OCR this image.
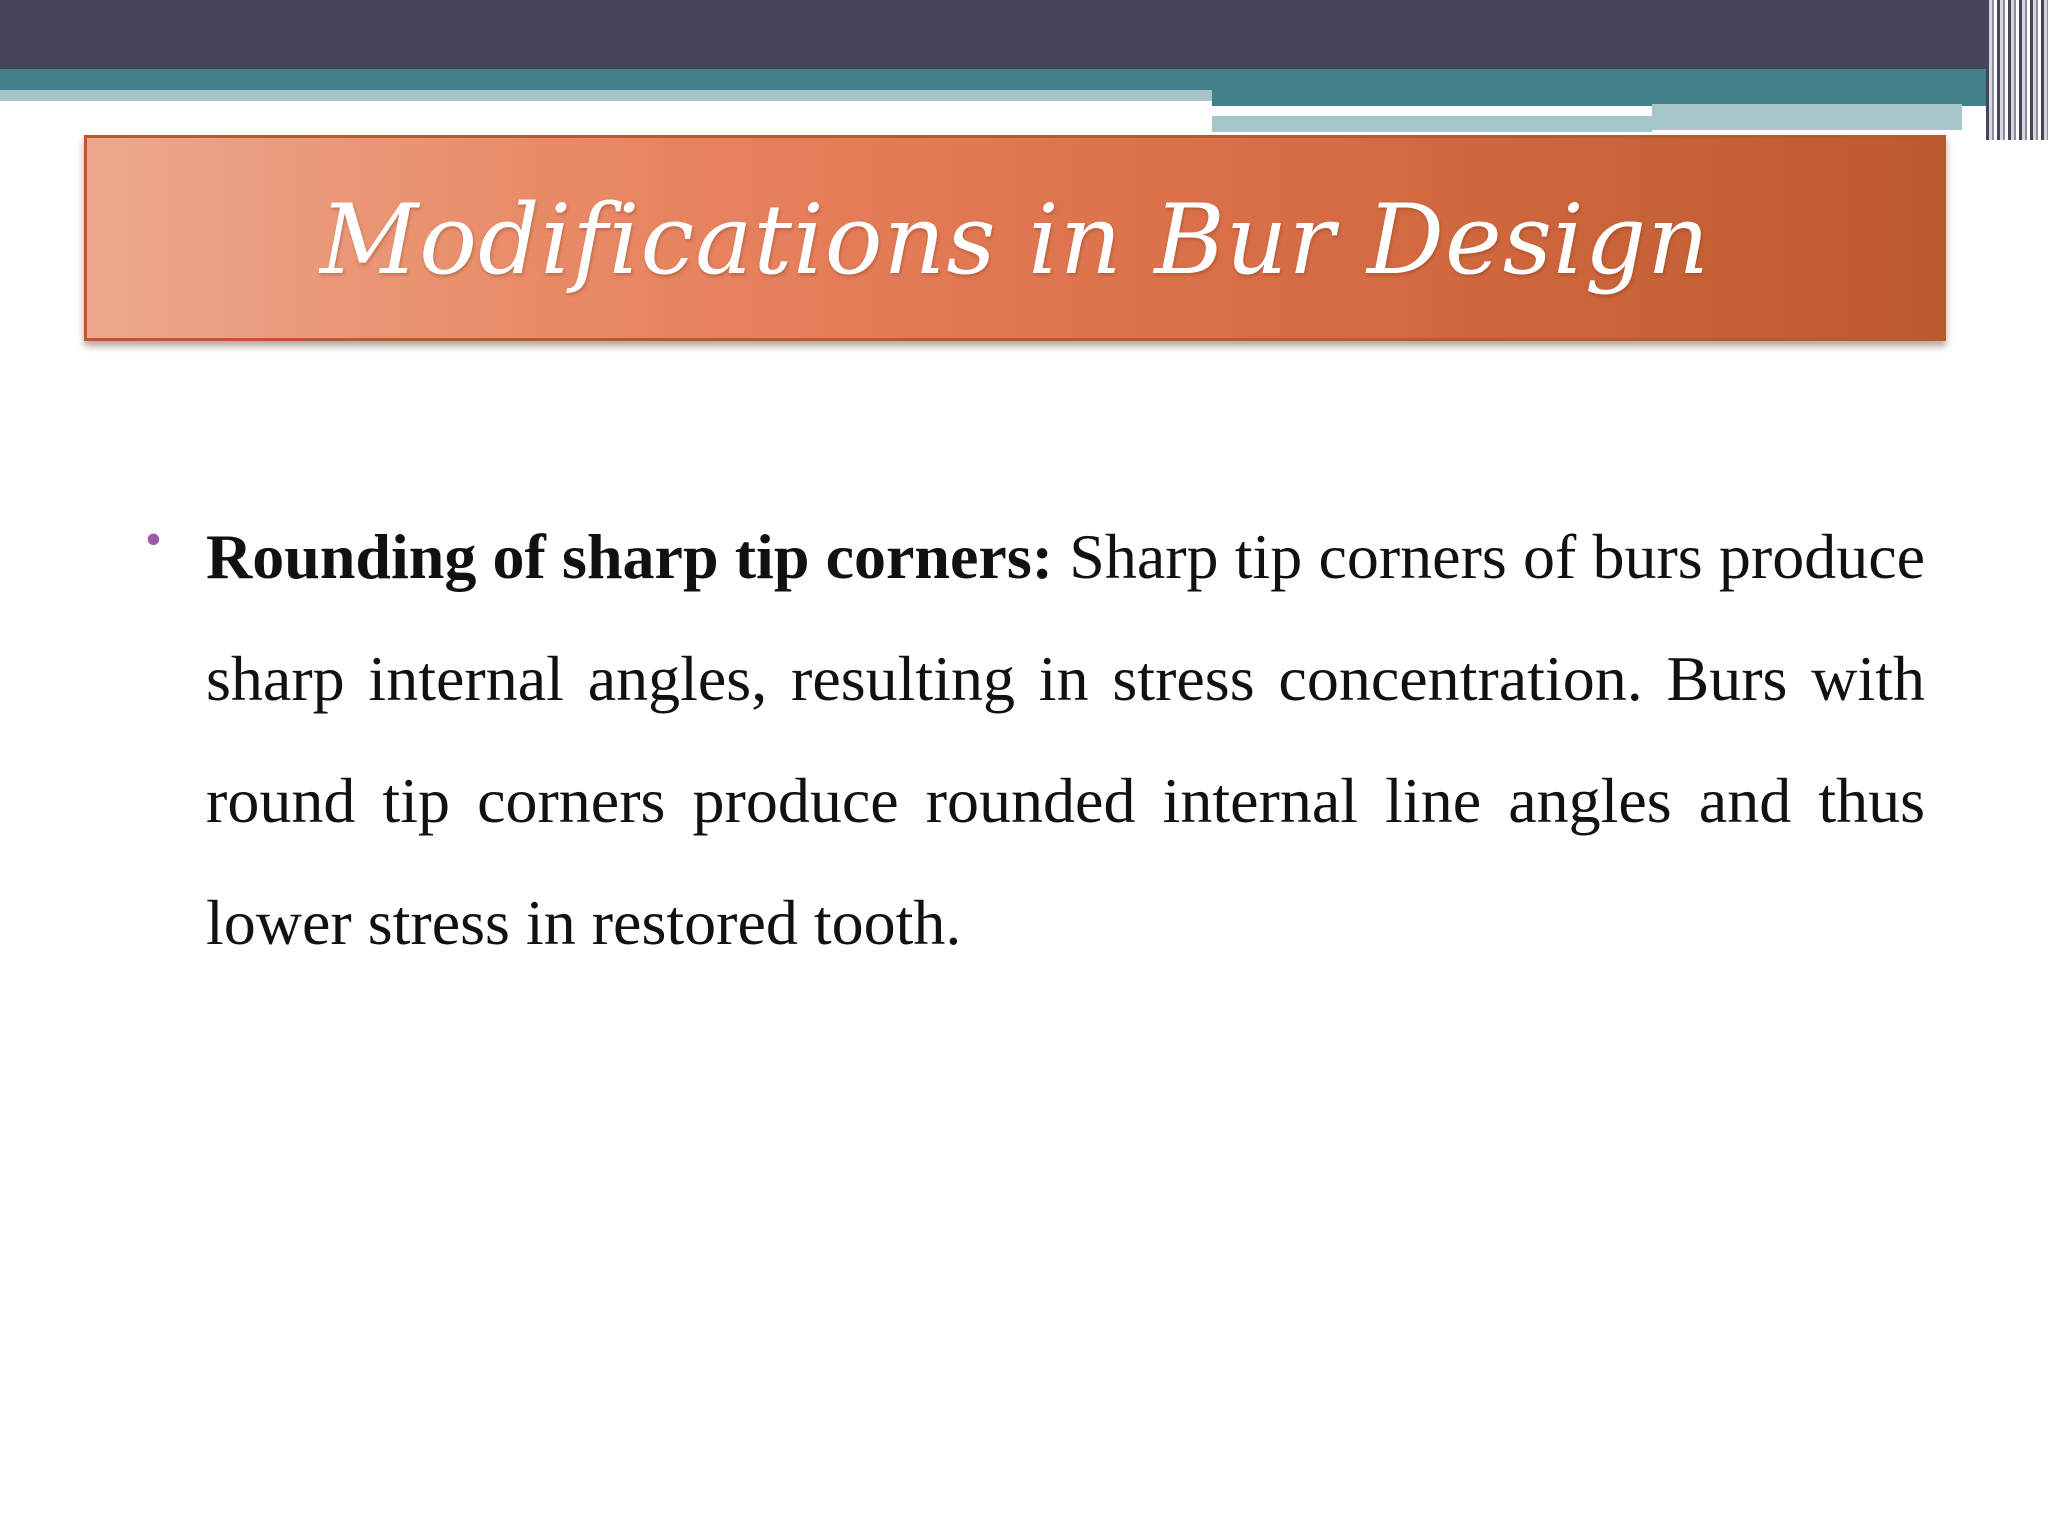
Modifications in Bur Design
• Rounding of sharp tip corners: Sharp tip corners of burs produce sharp internal angles, resulting in stress concentration. Burs with round tip corners produce rounded internal line angles and thus lower stress in restored tooth.
